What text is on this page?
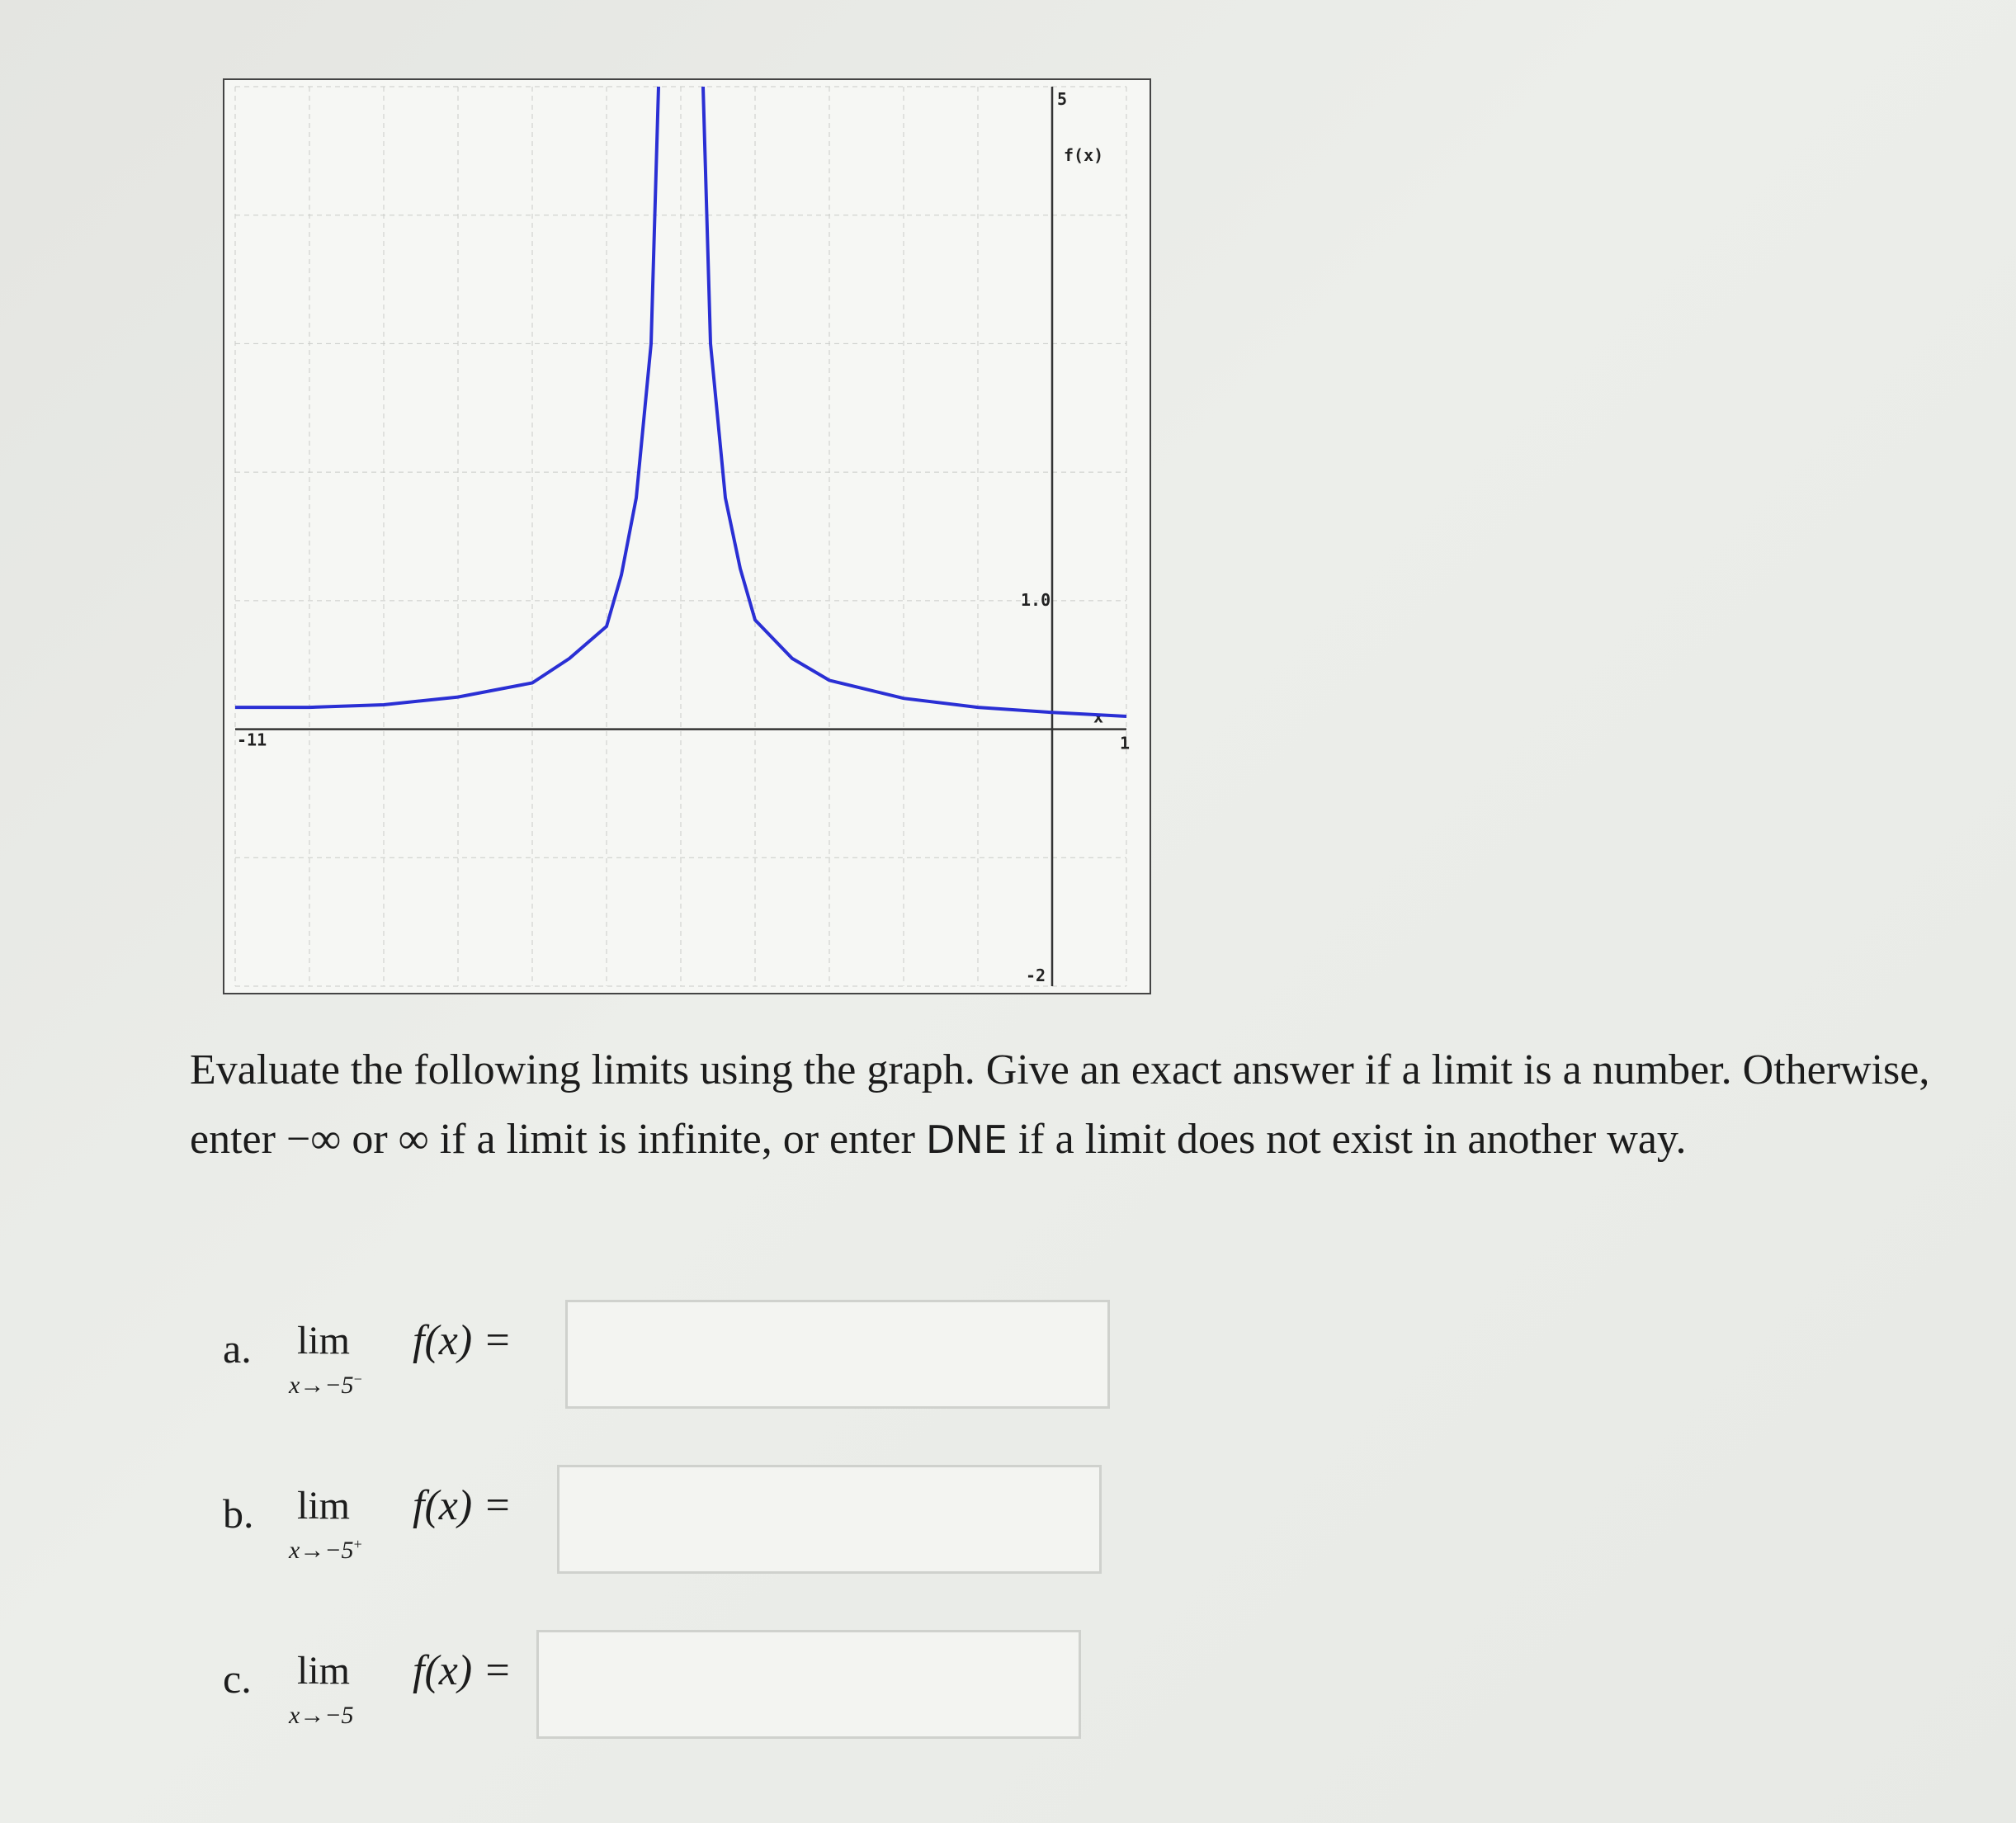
-11	1
5
-2
1.0
f(x)
x

Evaluate the following limits using the graph. Give an exact answer if a limit is a number. Otherwise, enter −∞ or ∞ if a limit is infinite, or enter DNE if a limit does not exist in another way.

a. lim
x→−5−
f(x) =
b. lim
x→−5+
f(x) =
c. lim
x→−5
f(x) =
